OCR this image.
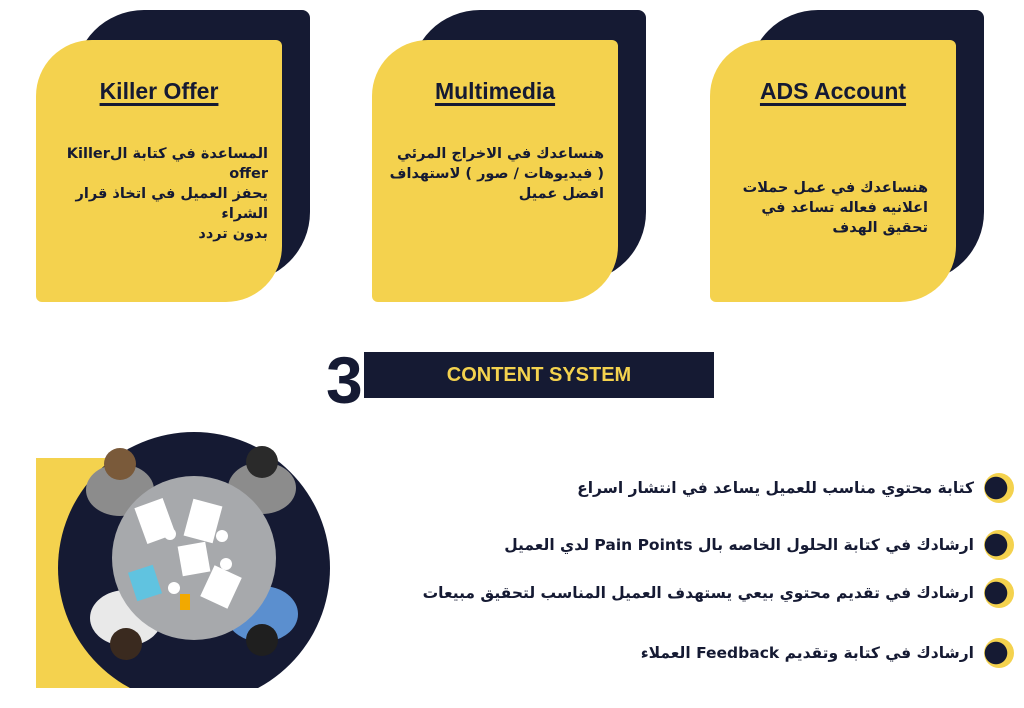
Killer Offer
المساعدة في كتابة الKiller offer
يحفز العميل في اتخاذ قرار الشراء
بدون تردد
Multimedia
هنساعدك في الاخراج المرئي
( فيديوهات / صور ) لاستهداف
افضل عميل
ADS Account
هنساعدك في عمل حملات
اعلانيه فعاله تساعد في
تحقيق الهدف
CONTENT SYSTEM
3
كتابة محتوي مناسب للعميل يساعد في انتشار اسراع
ارشادك في كتابة الحلول الخاصه بال Pain Points لدي العميل
ارشادك في تقديم محتوي بيعي يستهدف العميل المناسب لتحقيق مبيعات
ارشادك في كتابة وتقديم Feedback العملاء
